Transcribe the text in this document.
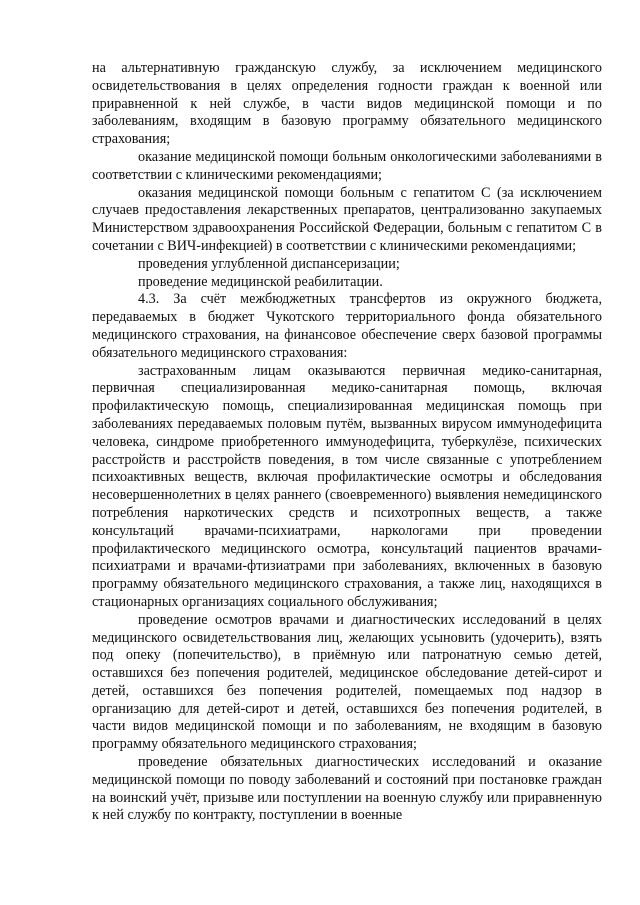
на альтернативную гражданскую службу, за исключением медицинского освидетельствования в целях определения годности граждан к военной или приравненной к ней службе, в части видов медицинской помощи и по заболеваниям, входящим в базовую программу обязательного медицинского страхования;

оказание медицинской помощи больным онкологическими заболеваниями в соответствии с клиническими рекомендациями;

оказания медицинской помощи больным с гепатитом С (за исключением случаев предоставления лекарственных препаратов, централизованно закупаемых Министерством здравоохранения Российской Федерации, больным с гепатитом С в сочетании с ВИЧ-инфекцией) в соответствии с клиническими рекомендациями;

проведения углубленной диспансеризации;

проведение медицинской реабилитации.

4.3. За счёт межбюджетных трансфертов из окружного бюджета, передаваемых в бюджет Чукотского территориального фонда обязательного медицинского страхования, на финансовое обеспечение сверх базовой программы обязательного медицинского страхования:

застрахованным лицам оказываются первичная медико-санитарная, первичная специализированная медико-санитарная помощь, включая профилактическую помощь, специализированная медицинская помощь при заболеваниях передаваемых половым путём, вызванных вирусом иммунодефицита человека, синдроме приобретенного иммунодефицита, туберкулёзе, психических расстройств и расстройств поведения, в том числе связанные с употреблением психоактивных веществ, включая профилактические осмотры и обследования несовершеннолетних в целях раннего (своевременного) выявления немедицинского потребления наркотических средств и психотропных веществ, а также консультаций врачами-психиатрами, наркологами при проведении профилактического медицинского осмотра, консультаций пациентов врачами-психиатрами и врачами-фтизиатрами при заболеваниях, включенных в базовую программу обязательного медицинского страхования, а также лиц, находящихся в стационарных организациях социального обслуживания;

проведение осмотров врачами и диагностических исследований в целях медицинского освидетельствования лиц, желающих усыновить (удочерить), взять под опеку (попечительство), в приёмную или патронатную семью детей, оставшихся без попечения родителей, медицинское обследование детей-сирот и детей, оставшихся без попечения родителей, помещаемых под надзор в организацию для детей-сирот и детей, оставшихся без попечения родителей, в части видов медицинской помощи и по заболеваниям, не входящим в базовую программу обязательного медицинского страхования;

проведение обязательных диагностических исследований и оказание медицинской помощи по поводу заболеваний и состояний при постановке граждан на воинский учёт, призыве или поступлении на военную службу или приравненную к ней службу по контракту, поступлении в военные
